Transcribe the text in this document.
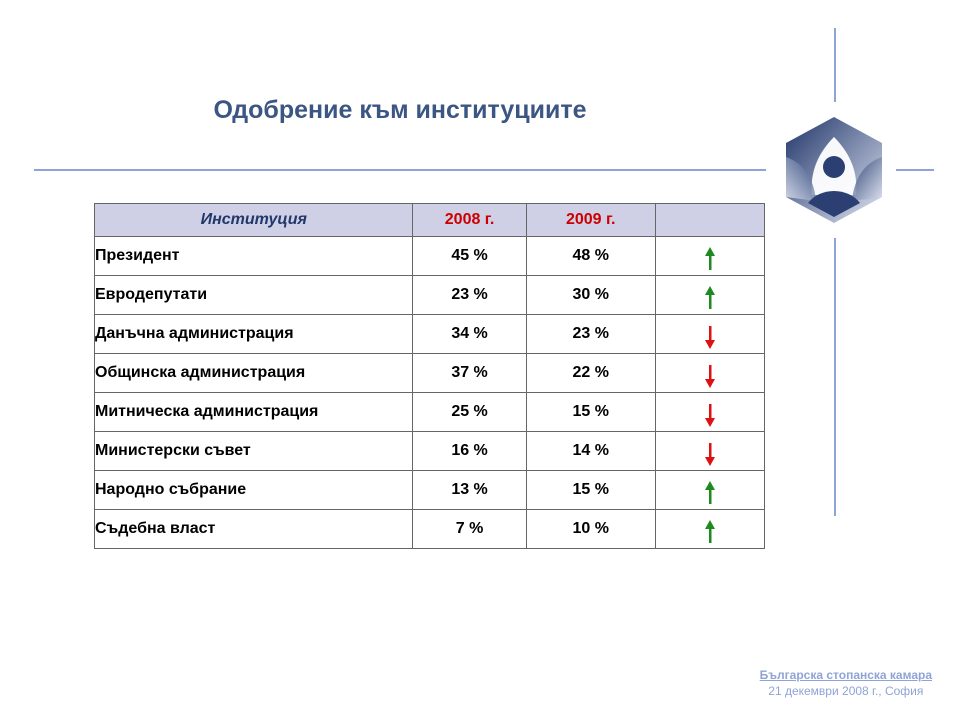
Одобрение към институциите
Институция	2008 г.	2009 г.	
Президент	45 %	48 %	
Евродепутати	23 %	30 %	
Данъчна администрация	34 %	23 %	
Общинска администрация	37 %	22 %	
Митническа администрация	25 %	15 %	
Министерски съвет	16 %	14 %	
Народно събрание	13 %	15 %	
Съдебна власт	7 %	10 %	
Българска стопанска камара
21 декември 2008 г., София
